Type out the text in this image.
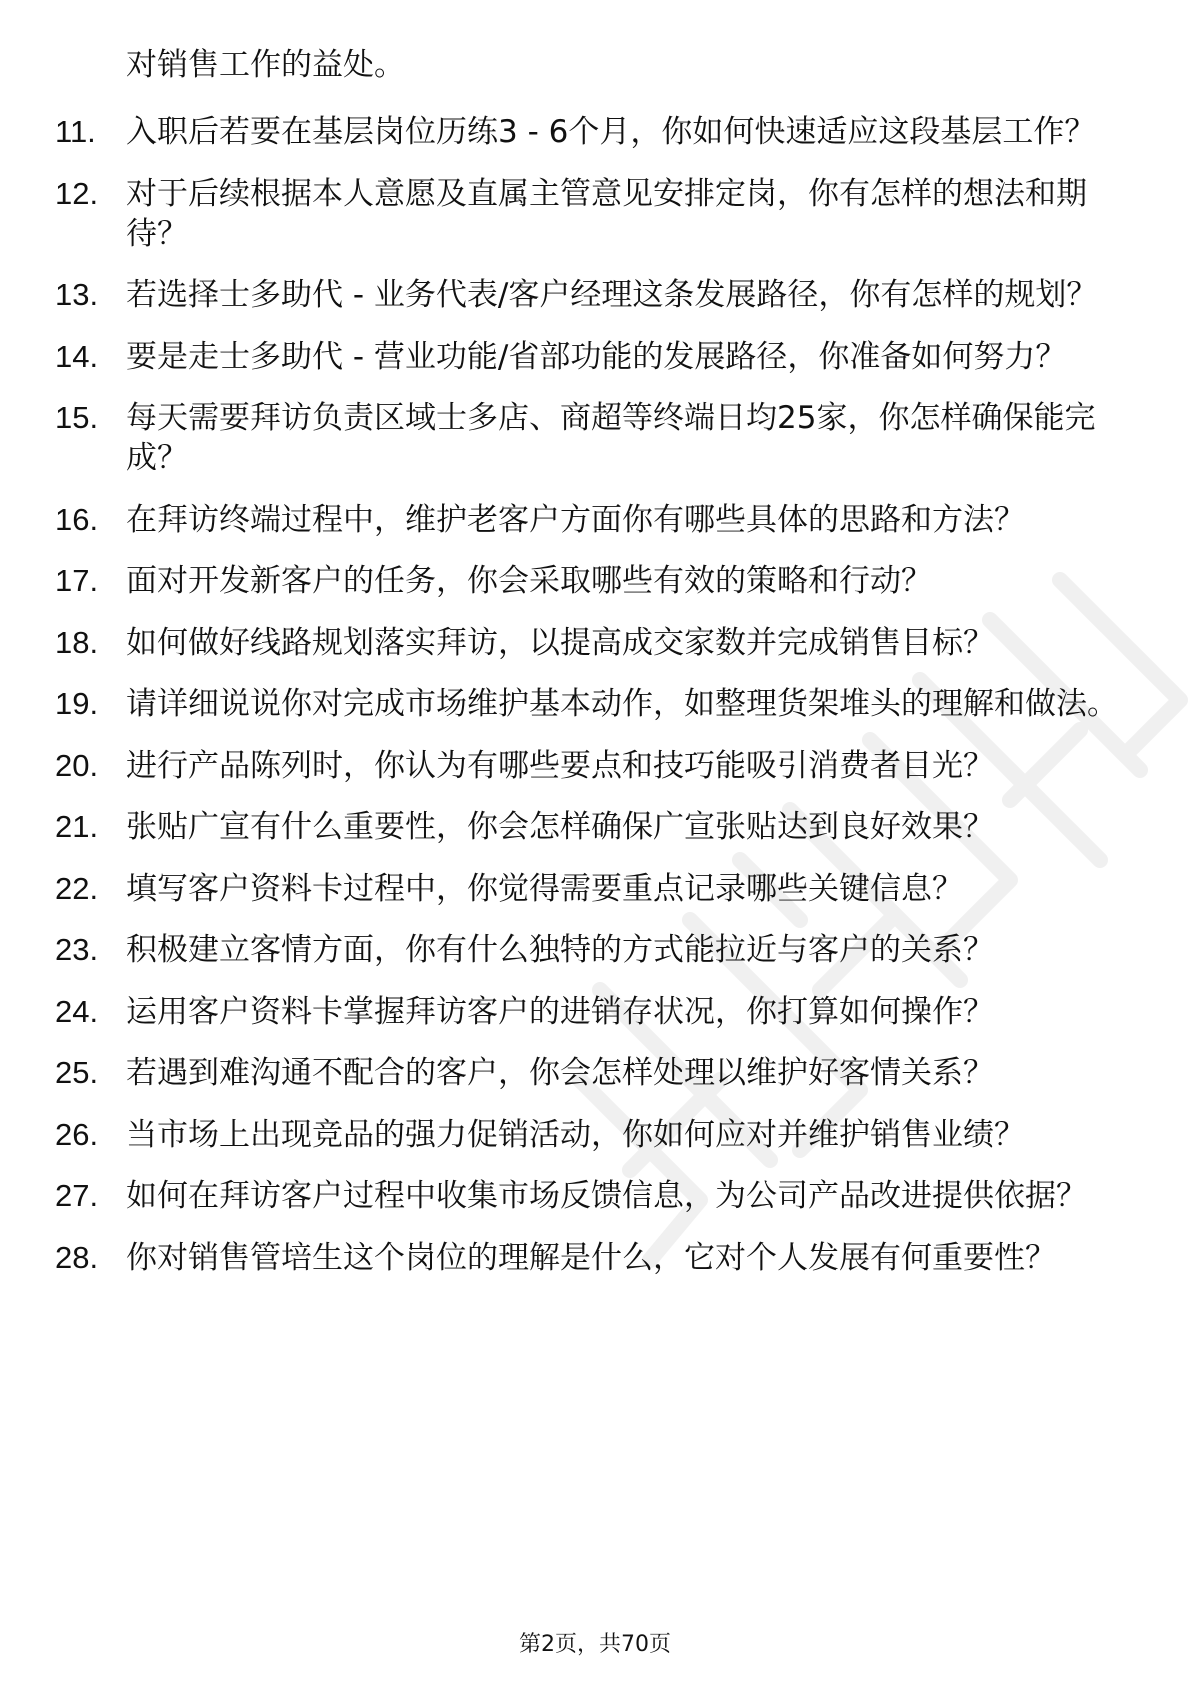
对销售工作的益处。
11. 入职后若要在基层岗位历练3 - 6个月，你如何快速适应这段基层工作？
12. 对于后续根据本人意愿及直属主管意见安排定岗，你有怎样的想法和期待？
13. 若选择士多助代 - 业务代表/客户经理这条发展路径，你有怎样的规划？
14. 要是走士多助代 - 营业功能/省部功能的发展路径，你准备如何努力？
15. 每天需要拜访负责区域士多店、商超等终端日均25家，你怎样确保能完成？
16. 在拜访终端过程中，维护老客户方面你有哪些具体的思路和方法？
17. 面对开发新客户的任务，你会采取哪些有效的策略和行动？
18. 如何做好线路规划落实拜访，以提高成交家数并完成销售目标？
19. 请详细说说你对完成市场维护基本动作，如整理货架堆头的理解和做法。
20. 进行产品陈列时，你认为有哪些要点和技巧能吸引消费者目光？
21. 张贴广宣有什么重要性，你会怎样确保广宣张贴达到良好效果？
22. 填写客户资料卡过程中，你觉得需要重点记录哪些关键信息？
23. 积极建立客情方面，你有什么独特的方式能拉近与客户的关系？
24. 运用客户资料卡掌握拜访客户的进销存状况，你打算如何操作？
25. 若遇到难沟通不配合的客户，你会怎样处理以维护好客情关系？
26. 当市场上出现竞品的强力促销活动，你如何应对并维护销售业绩？
27. 如何在拜访客户过程中收集市场反馈信息，为公司产品改进提供依据？
28. 你对销售管培生这个岗位的理解是什么，它对个人发展有何重要性？
第2页，共70页
